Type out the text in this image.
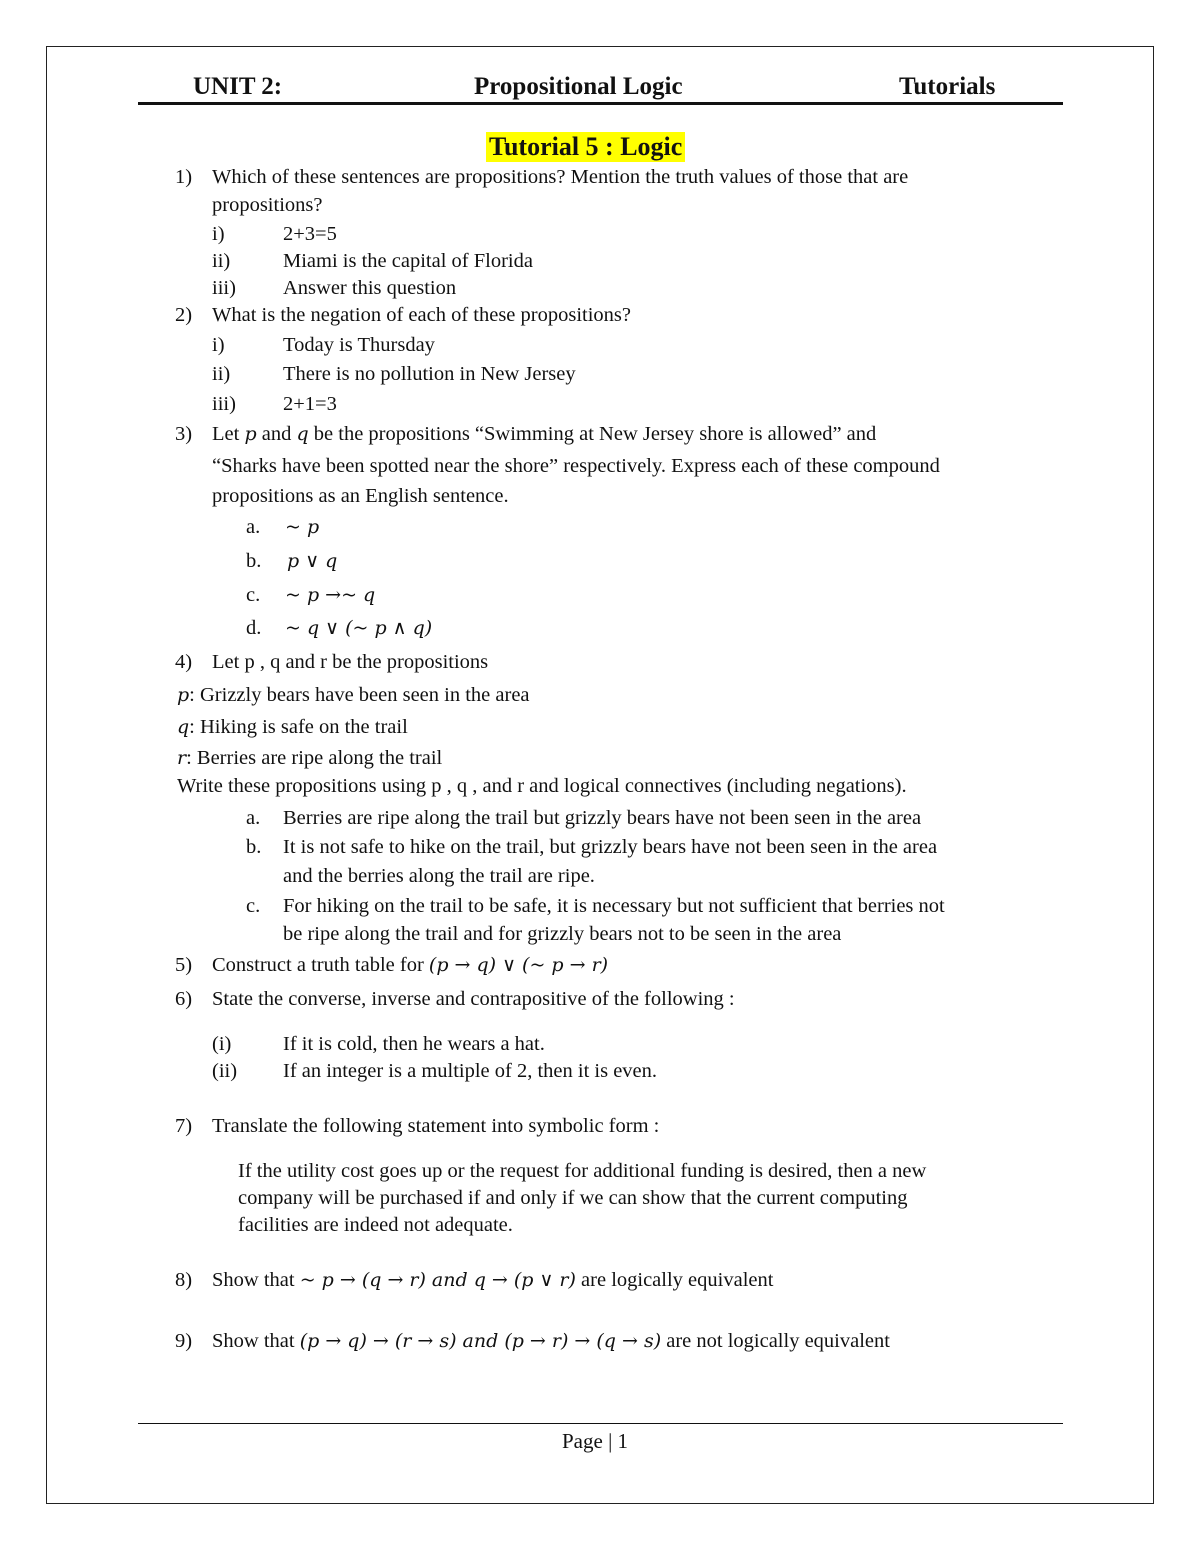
UNIT 2:	Propositional Logic	Tutorials
Tutorial 5 : Logic
1) Which of these sentences are propositions? Mention the truth values of those that are
propositions?
i)	2+3=5
ii)	Miami is the capital of Florida
iii) Answer this question
2) What is the negation of each of these propositions?
i)	Today is Thursday
ii)	There is no pollution in New Jersey
iii) 2+1=3
3) Let p and q be the propositions “Swimming at New Jersey shore is allowed” and
“Sharks have been spotted near the shore” respectively. Express each of these compound
propositions as an English sentence.
a. ~ p
b. p ∨ q
c. ~ p →~ q
d. ~ q ∨ (~ p ∧ q)
4) Let p , q and r be the propositions
p: Grizzly bears have been seen in the area
q: Hiking is safe on the trail
r: Berries are ripe along the trail
Write these propositions using p , q , and r and logical connectives (including negations).
a. Berries are ripe along the trail but grizzly bears have not been seen in the area
b. It is not safe to hike on the trail, but grizzly bears have not been seen in the area
and the berries along the trail are ripe.
c. For hiking on the trail to be safe, it is necessary but not sufficient that berries not
be ripe along the trail and for grizzly bears not to be seen in the area
5) Construct a truth table for (p → q) ∨ (~ p → r)
6) State the converse, inverse and contrapositive of the following :
(i)	If it is cold, then he wears a hat.
(ii) If an integer is a multiple of 2, then it is even.
7) Translate the following statement into symbolic form :
If the utility cost goes up or the request for additional funding is desired, then a new
company will be purchased if and only if we can show that the current computing
facilities are indeed not adequate.
8) Show that ~ p → (q → r) and q → (p ∨ r) are logically equivalent
9) Show that (p → q) → (r → s) and (p → r) → (q → s) are not logically equivalent
Page | 1
